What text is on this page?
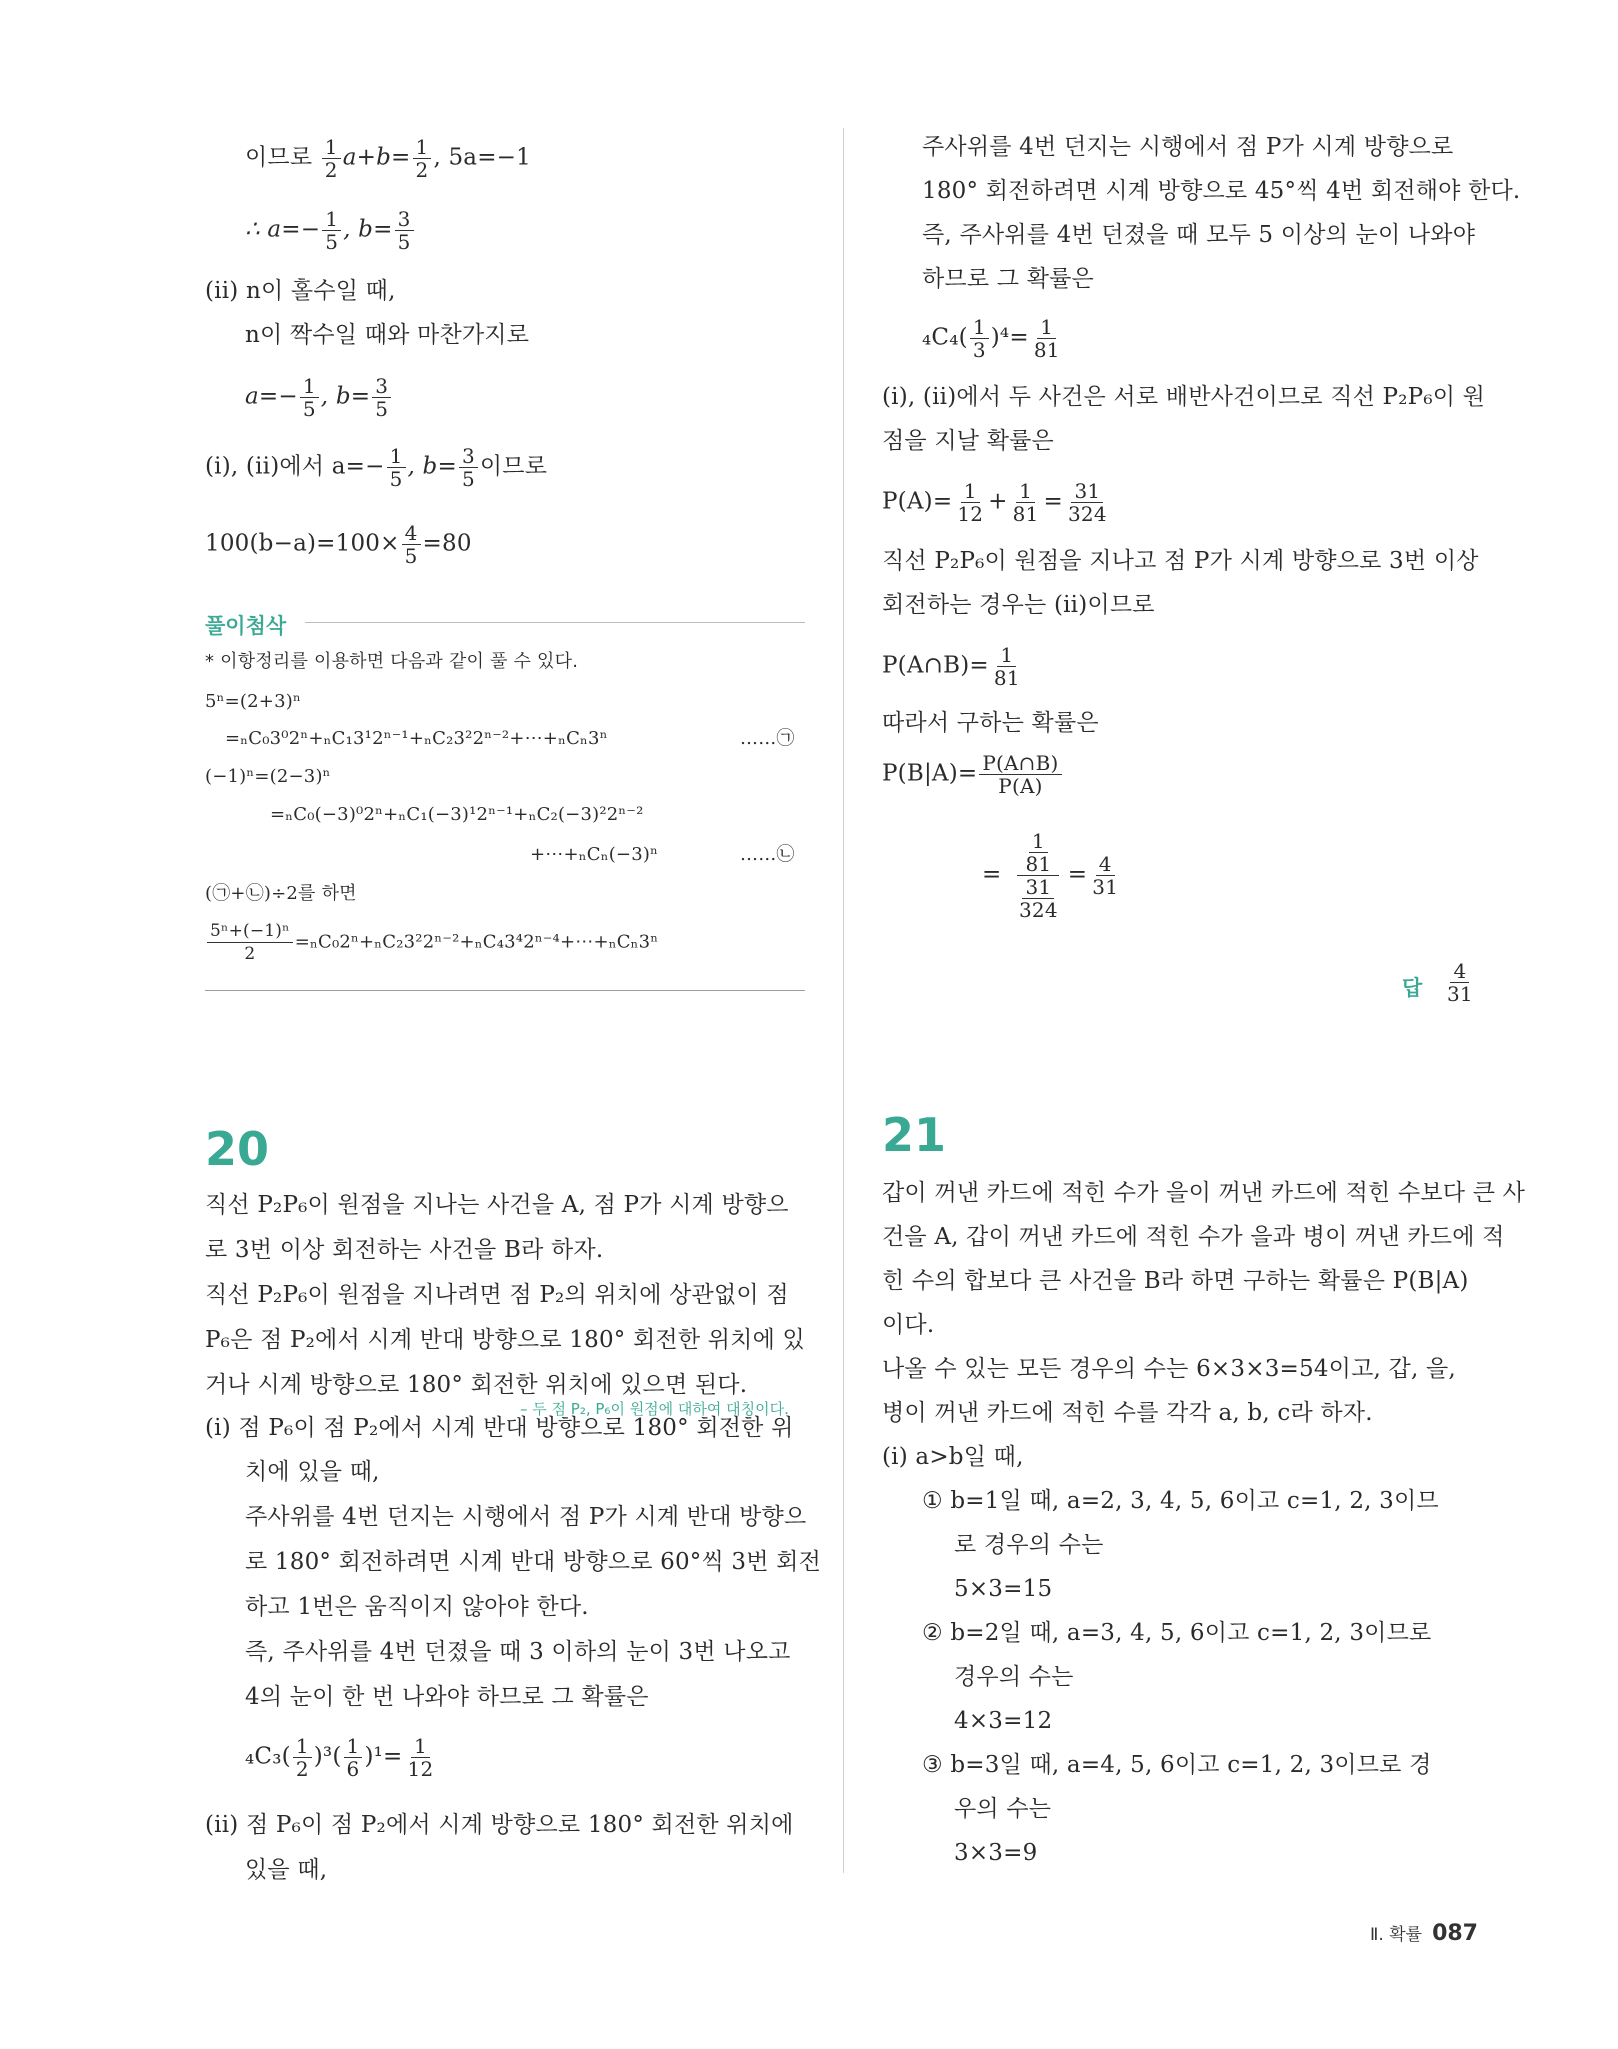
이므로 $\frac{1}{2} a+b= \frac{1}{2}$ , 5a=−1
∴ $a=- \frac{1}{5}$ , $b= \frac{3}{5}$
(ii) n이 홀수일 때,
n이 짝수일 때와 마찬가지로
$a=- \frac{1}{5}$ , $b= \frac{3}{5}$
(i), (ii)에서 $a=- \frac{1}{5}$ , $b= \frac{3}{5}$ 이므로
$100(b-a)=100\times \frac{4}{5} =80$
풀이첨삭
* 이항정리를 이용하면 다음과 같이 풀 수 있다.
5ⁿ=(2+3)ⁿ
=ₙC₀3⁰2ⁿ+ₙC₁3¹2ⁿ⁻¹+ₙC₂3²2ⁿ⁻²+⋯+ₙCₙ3ⁿ	……㉠
(−1)ⁿ=(2−3)ⁿ
=ₙC₀(−3)⁰2ⁿ+ₙC₁(−3)¹2ⁿ⁻¹+ₙC₂(−3)²2ⁿ⁻²
+⋯+ₙCₙ(−3)ⁿ	……㉡
(㉠+㉡)÷2를 하면
$\frac{\text{5ⁿ+(−1)ⁿ}}{2}$ =ₙC₀2ⁿ+ₙC₂3²2ⁿ⁻²+ₙC₄3⁴2ⁿ⁻⁴+⋯+ₙCₙ3ⁿ
20
직선 P₂P₆이 원점을 지나는 사건을 A, 점 P가 시계 방향으
로 3번 이상 회전하는 사건을 B라 하자.
직선 P₂P₆이 원점을 지나려면 점 P₂의 위치에 상관없이 점
P₆은 점 P₂에서 시계 반대 방향으로 180° 회전한 위치에 있
거나 시계 방향으로 180° 회전한 위치에 있으면 된다.
– 두 점 P₂, P₆이 원점에 대하여 대칭이다.
(i) 점 P₆이 점 P₂에서 시계 반대 방향으로 180° 회전한 위
치에 있을 때,
주사위를 4번 던지는 시행에서 점 P가 시계 반대 방향으
로 180° 회전하려면 시계 반대 방향으로 60°씩 3번 회전
하고 1번은 움직이지 않아야 한다.
즉, 주사위를 4번 던졌을 때 3 이하의 눈이 3번 나오고
4의 눈이 한 번 나와야 하므로 그 확률은
$_4C_3( \frac{1}{2} )^3( \frac{1}{6} )^1= \frac{1}{12}$
(ii) 점 P₆이 점 P₂에서 시계 방향으로 180° 회전한 위치에
있을 때,
주사위를 4번 던지는 시행에서 점 P가 시계 방향으로
180° 회전하려면 시계 방향으로 45°씩 4번 회전해야 한다.
즉, 주사위를 4번 던졌을 때 모두 5 이상의 눈이 나와야
하므로 그 확률은
$_4C_4( \frac{1}{3} )^4= \frac{1}{81}$
(i), (ii)에서 두 사건은 서로 배반사건이므로 직선 P₂P₆이 원
점을 지날 확률은
$P(A)= \frac{1}{12} + \frac{1}{81} = \frac{31}{324}$
직선 P₂P₆이 원점을 지나고 점 P가 시계 방향으로 3번 이상
회전하는 경우는 (ii)이므로
P(A∩B)= $\frac{1}{81}$
따라서 구하는 확률은
$P(B|A)= \frac{P(A\cap B)}{P(A)}$
= $\frac{\frac{1}{81}}{\frac{31}{324}} = \frac{4}{31}$
답 $\frac{4}{31}$
21
갑이 꺼낸 카드에 적힌 수가 을이 꺼낸 카드에 적힌 수보다 큰 사
건을 A, 갑이 꺼낸 카드에 적힌 수가 을과 병이 꺼낸 카드에 적
힌 수의 합보다 큰 사건을 B라 하면 구하는 확률은 P(B|A)
이다.
나올 수 있는 모든 경우의 수는 6×3×3=54이고, 갑, 을,
병이 꺼낸 카드에 적힌 수를 각각 a, b, c라 하자.
(i) a>b일 때,
① b=1일 때, a=2, 3, 4, 5, 6이고 c=1, 2, 3이므
로 경우의 수는
5×3=15
② b=2일 때, a=3, 4, 5, 6이고 c=1, 2, 3이므로
경우의 수는
4×3=12
③ b=3일 때, a=4, 5, 6이고 c=1, 2, 3이므로 경
우의 수는
3×3=9
Ⅱ. 확률 087
